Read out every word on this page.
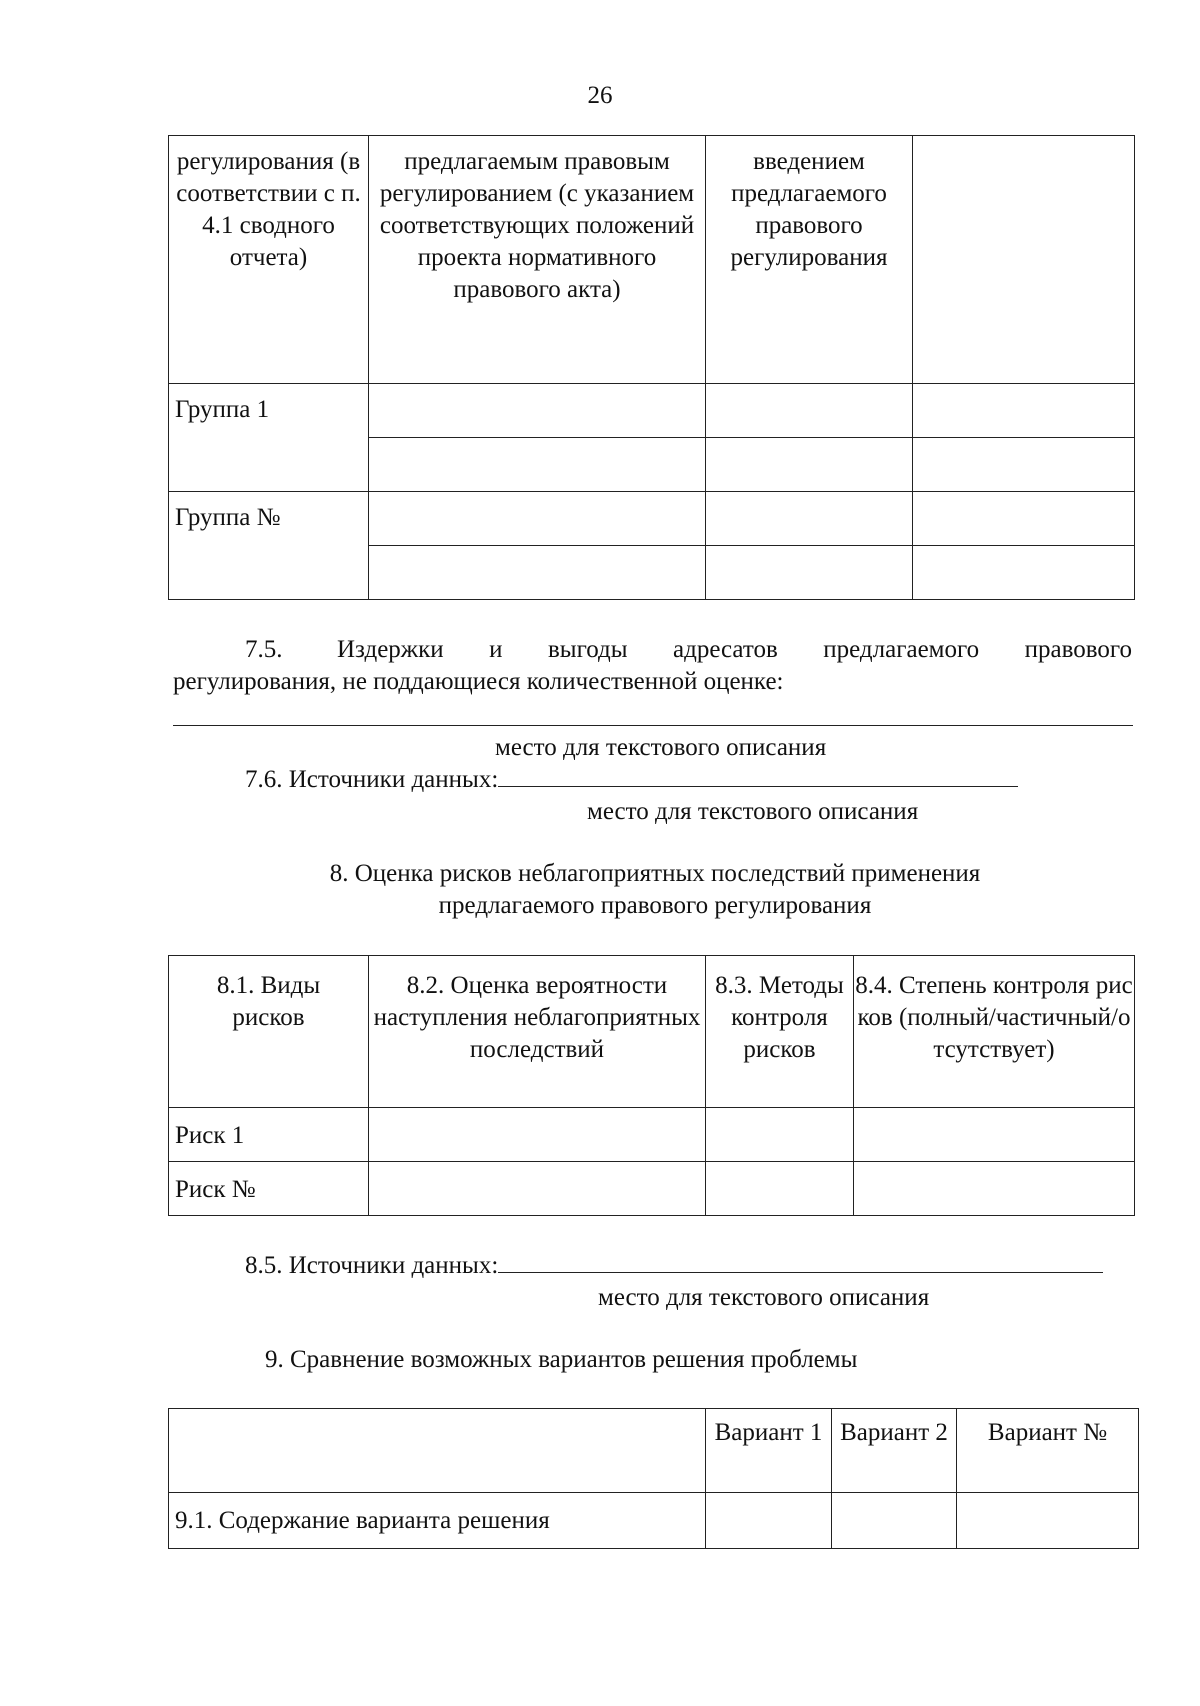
26
регулирования (в соответствии с п. 4.1 сводного отчета)	предлагаемым правовым регулированием (с указанием соответствующих положений проекта нормативного правового акта)	введением предлагаемого правового регулирования	

Группа 1			

Группа №			

7.5. Издержки и выгоды адресатов предлагаемого правового
регулирования, не поддающиеся количественной оценке:
место для текстового описания
7.6. Источники данных:
место для текстового описания
8. Оценка рисков неблагоприятных последствий применения
предлагаемого правового регулирования
8.1. Виды рисков	8.2. Оценка вероятности наступления неблагоприятных последствий	8.3. Методы контроля рисков	8.4. Степень контроля рисков (полный/частичный/о тсутствует)

Риск 1			

Риск №			

8.5. Источники данных:
место для текстового описания
9. Сравнение возможных вариантов решения проблемы

	Вариант 1	Вариант 2	Вариант №

9.1. Содержание варианта решения			
